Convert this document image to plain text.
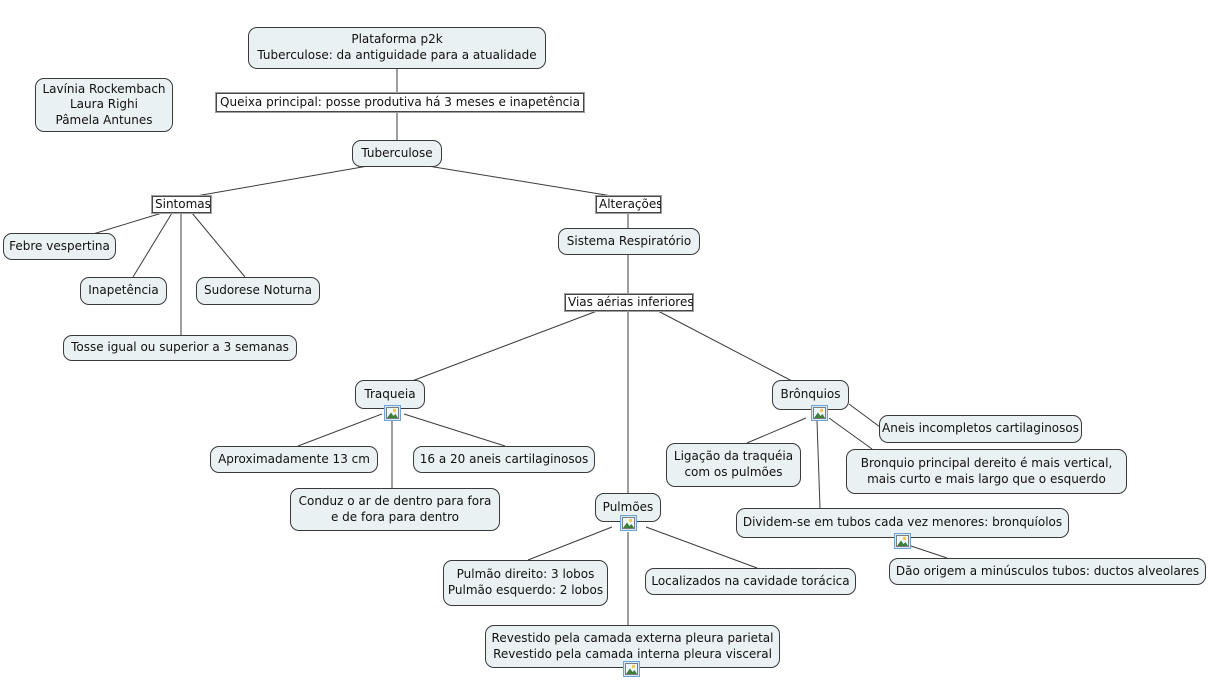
Plataforma p2k
Tuberculose: da antiguidade para a atualidade
Lavínia Rockembach
Laura Righi
Pâmela Antunes
Queixa principal: posse produtiva há 3 meses e inapetência
Tuberculose
Sintomas	Alterações
Febre vespertina
Inapetência	Sudorese Noturna
Tosse igual ou superior a 3 semanas
Sistema Respiratório
Vias aérias inferiores
Traqueia
Aproximadamente 13 cm	16 a 20 aneis cartilaginosos
Conduz o ar de dentro para fora
e de fora para dentro
Brônquios
Aneis incompletos cartilaginosos
Ligação da traquéia
com os pulmões
Bronquio principal dereito é mais vertical,
mais curto e mais largo que o esquerdo
Pulmões
Dividem-se em tubos cada vez menores: bronquíolos
Pulmão direito: 3 lobos
Pulmão esquerdo: 2 lobos
Localizados na cavidade torácica
Dão origem a minúsculos tubos: ductos alveolares
Revestido pela camada externa pleura parietal
Revestido pela camada interna pleura visceral
